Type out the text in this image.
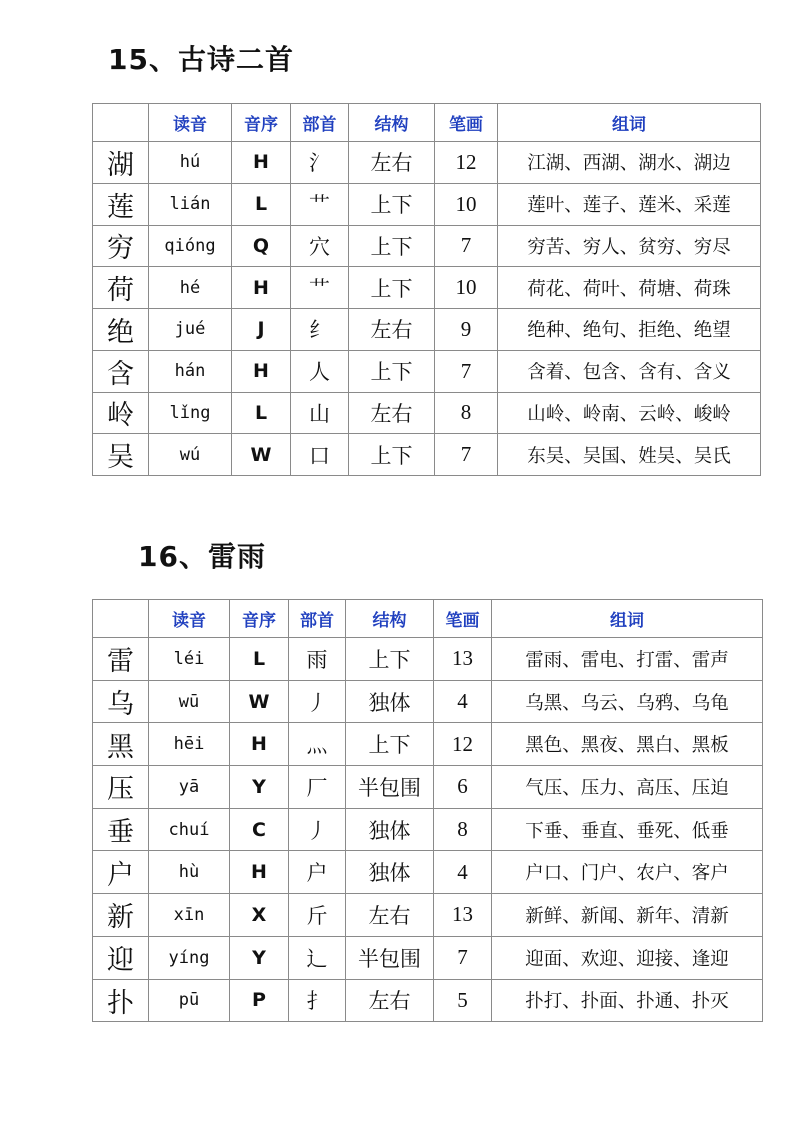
15、古诗二首
	读音	音序	部首	结构	笔画	组词
湖	hú	H	氵	左右	12	江湖、西湖、湖水、湖边
莲	lián	L	艹	上下	10	莲叶、莲子、莲米、采莲
穷	qióng	Q	穴	上下	7	穷苦、穷人、贫穷、穷尽
荷	hé	H	艹	上下	10	荷花、荷叶、荷塘、荷珠
绝	jué	J	纟	左右	9	绝种、绝句、拒绝、绝望
含	hán	H	人	上下	7	含着、包含、含有、含义
岭	lǐng	L	山	左右	8	山岭、岭南、云岭、峻岭
吴	wú	W	口	上下	7	东吴、吴国、姓吴、吴氏
16、雷雨
	读音	音序	部首	结构	笔画	组词
雷	léi	L	雨	上下	13	雷雨、雷电、打雷、雷声
乌	wū	W	丿	独体	4	乌黑、乌云、乌鸦、乌龟
黑	hēi	H	灬	上下	12	黑色、黑夜、黑白、黑板
压	yā	Y	厂	半包围	6	气压、压力、高压、压迫
垂	chuí	C	丿	独体	8	下垂、垂直、垂死、低垂
户	hù	H	户	独体	4	户口、门户、农户、客户
新	xīn	X	斤	左右	13	新鲜、新闻、新年、清新
迎	yíng	Y	辶	半包围	7	迎面、欢迎、迎接、逢迎
扑	pū	P	扌	左右	5	扑打、扑面、扑通、扑灭
